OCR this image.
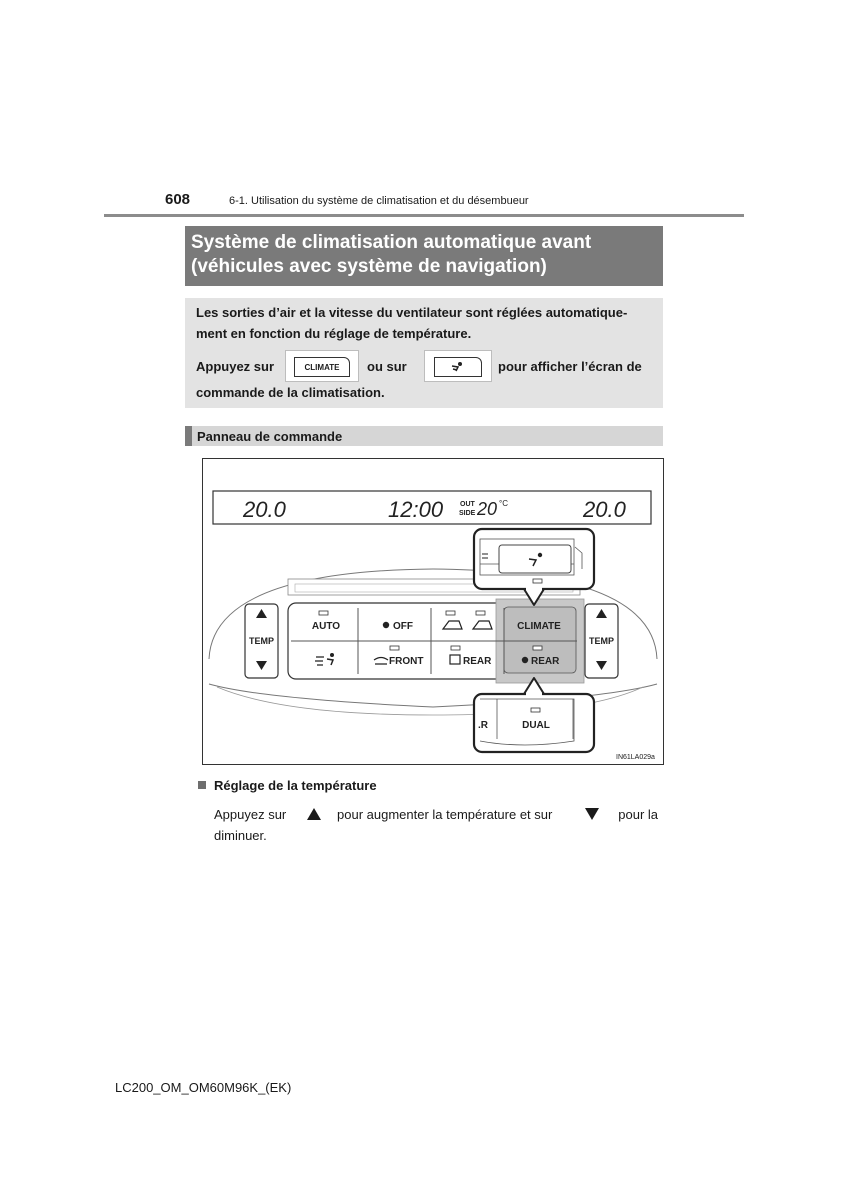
608	6-1. Utilisation du système de climatisation et du désembueur
Système de climatisation automatique avant
(véhicules avec système de navigation)
Les sorties d’air et la vitesse du ventilateur sont réglées automatique-
ment en fonction du réglage de température.
Appuyez sur	CLIMATE ou sur	pour afficher l’écran de
commande de la climatisation.
Panneau de commande
20.0	12:00 OUT
SIDE 20 °C	20.0
TEMP	TEMP
AUTO	OFF	CLIMATE
FRONT	REAR	REAR
DUAL
.R
IN61LA029a
Réglage de la température
Appuyez sur	pour augmenter la température et sur	pour la
diminuer.
LC200_OM_OM60M96K_(EK)
